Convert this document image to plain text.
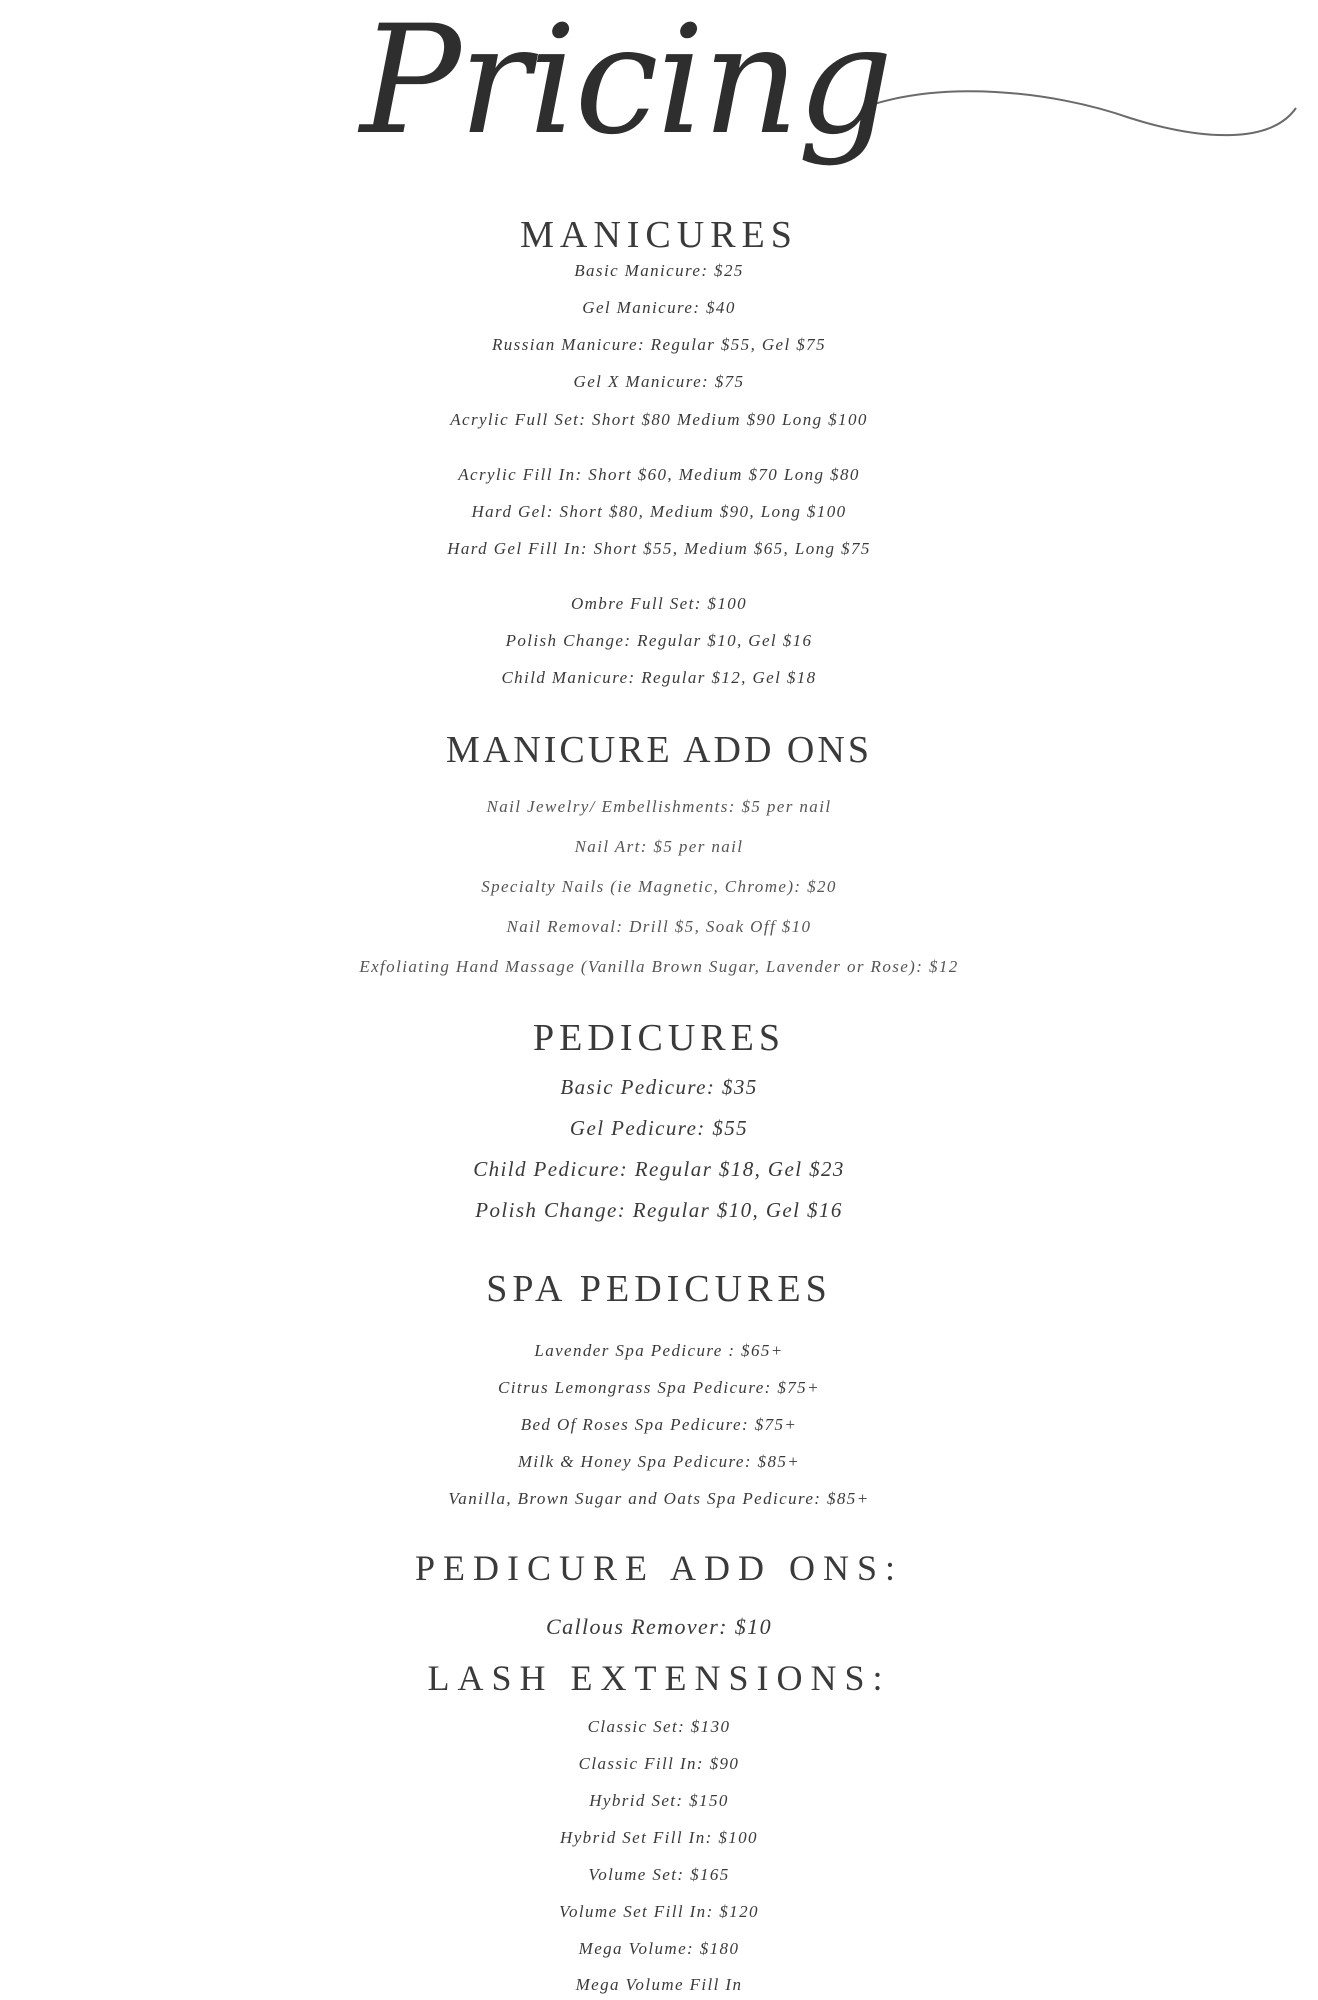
Pricing
MANICURES
Basic Manicure: $25
Gel Manicure: $40
Russian Manicure: Regular $55, Gel $75
Gel X Manicure: $75
Acrylic Full Set: Short $80 Medium $90 Long $100
Acrylic Fill In: Short $60, Medium $70 Long $80
Hard Gel: Short $80, Medium $90, Long $100
Hard Gel Fill In: Short $55, Medium $65, Long $75
Ombre Full Set: $100
Polish Change: Regular $10, Gel $16
Child Manicure: Regular $12, Gel $18
MANICURE ADD ONS
Nail Jewelry/ Embellishments: $5 per nail
Nail Art: $5 per nail
Specialty Nails (ie Magnetic, Chrome): $20
Nail Removal: Drill $5, Soak Off $10
Exfoliating Hand Massage (Vanilla Brown Sugar, Lavender or Rose): $12
PEDICURES
Basic Pedicure: $35
Gel Pedicure: $55
Child Pedicure: Regular $18, Gel $23
Polish Change: Regular $10, Gel $16
SPA PEDICURES
Lavender Spa Pedicure : $65+
Citrus Lemongrass Spa Pedicure: $75+
Bed Of Roses Spa Pedicure: $75+
Milk & Honey Spa Pedicure: $85+
Vanilla, Brown Sugar and Oats Spa Pedicure: $85+
PEDICURE ADD ONS:
Callous Remover: $10
LASH EXTENSIONS:
Classic Set: $130
Classic Fill In: $90
Hybrid Set: $150
Hybrid Set Fill In: $100
Volume Set: $165
Volume Set Fill In: $120
Mega Volume: $180
Mega Volume Fill In
